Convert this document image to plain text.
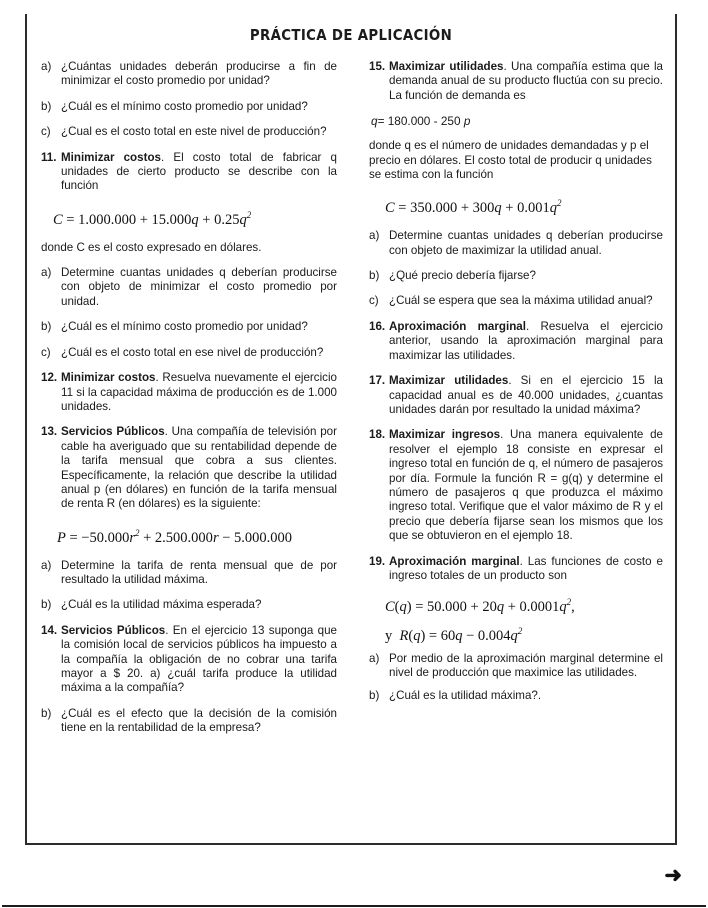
PRÁCTICA DE APLICACIÓN
a) ¿Cuántas unidades deberán producirse a fin de minimizar el costo promedio por unidad?
b) ¿Cuál es el mínimo costo promedio por unidad?
c) ¿Cual es el costo total en este nivel de producción?
11. Minimizar costos. El costo total de fabricar q unidades de cierto producto se describe con la función
$C = 1.000.000 + 15.000q + 0.25q^2$
donde C es el costo expresado en dólares.
a) Determine cuantas unidades q deberían producirse con objeto de minimizar el costo promedio por unidad.
b) ¿Cuál es el mínimo costo promedio por unidad?
c) ¿Cuál es el costo total en ese nivel de producción?
12. Minimizar costos. Resuelva nuevamente el ejercicio 11 si la capacidad máxima de producción es de 1.000 unidades.
13. Servicios Públicos. Una compañía de televisión por cable ha averiguado que su rentabilidad depende de la tarifa mensual que cobra a sus clientes. Específicamente, la relación que describe la utilidad anual p (en dólares) en función de la tarifa mensual de renta R (en dólares) es la siguiente:
$P = -50.000r^2 + 2.500.000r - 5.000.000$
a) Determine la tarifa de renta mensual que de por resultado la utilidad máxima.
b) ¿Cuál es la utilidad máxima esperada?
14. Servicios Públicos. En el ejercicio 13 suponga que la comisión local de servicios públicos ha impuesto a la compañía la obligación de no cobrar una tarifa mayor a $ 20. a) ¿cuál tarifa produce la utilidad máxima a la compañía?
b) ¿Cuál es el efecto que la decisión de la comisión tiene en la rentabilidad de la empresa?
15. Maximizar utilidades. Una compañía estima que la demanda anual de su producto fluctúa con su precio. La función de demanda es
q= 180.000 - 250 p
donde q es el número de unidades demandadas y p el precio en dólares. El costo total de producir q unidades se estima con la función
$C = 350.000 + 300q + 0.001q^2$
a) Determine cuantas unidades q deberían producirse con objeto de maximizar la utilidad anual.
b) ¿Qué precio debería fijarse?
c) ¿Cuál se espera que sea la máxima utilidad anual?
16. Aproximación marginal. Resuelva el ejercicio anterior, usando la aproximación marginal para maximizar las utilidades.
17. Maximizar utilidades. Si en el ejercicio 15 la capacidad anual es de 40.000 unidades, ¿cuantas unidades darán por resultado la unidad máxima?
18. Maximizar ingresos. Una manera equivalente de resolver el ejemplo 18 consiste en expresar el ingreso total en función de q, el número de pasajeros por día. Formule la función R = g(q) y determine el número de pasajeros q que produzca el máximo ingreso total. Verifique que el valor máximo de R y el precio que debería fijarse sean los mismos que los que se obtuvieron en el ejemplo 18.
19. Aproximación marginal. Las funciones de costo e ingreso totales de un producto son
$C(q) = 50.000 + 20q + 0.0001q^2$,
y  $R(q) = 60q - 0.004q^2$
a) Por medio de la aproximación marginal determine el nivel de producción que maximice las utilidades.
b) ¿Cuál es la utilidad máxima?.
➜
